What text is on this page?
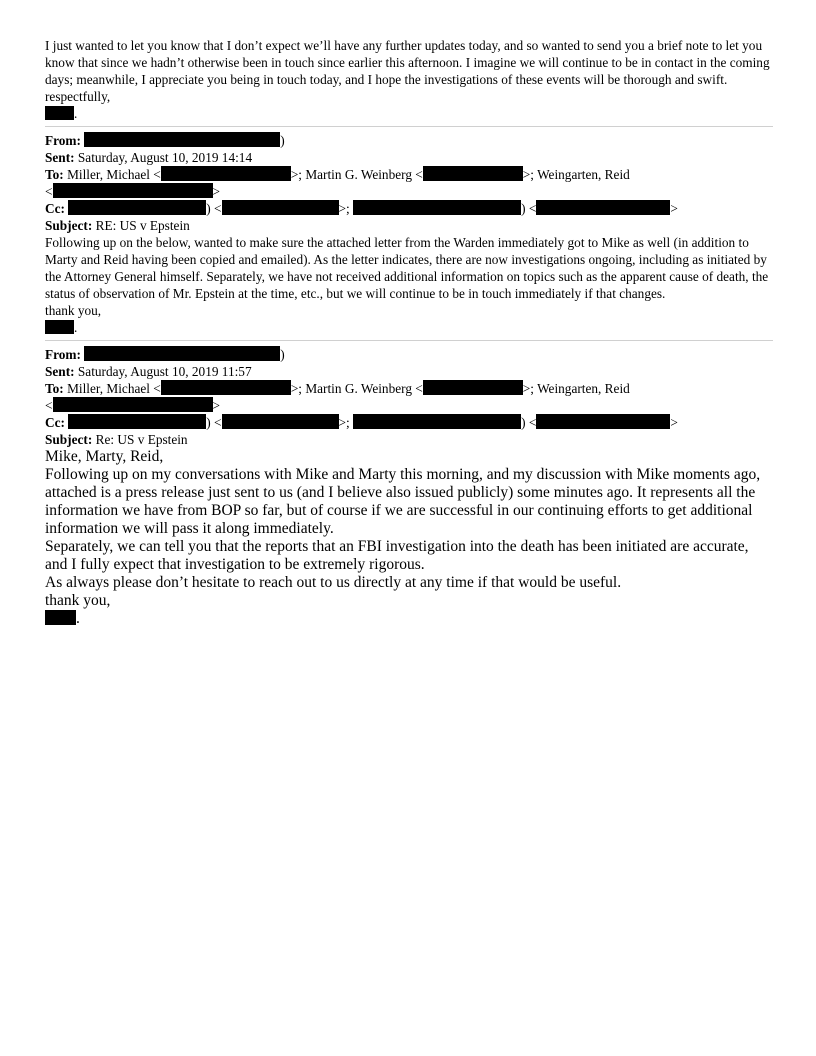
I just wanted to let you know that I don’t expect we’ll have any further updates today, and so wanted to send you a brief note to let you know that since we hadn’t otherwise been in touch since earlier this afternoon. I imagine we will continue to be in contact in the coming days; meanwhile, I appreciate you being in touch today, and I hope the investigations of these events will be thorough and swift.

respectfully,

.

From:	)

Sent: Saturday, August 10, 2019 14:14

To: Miller, Michael <	>; Martin G. Weinberg <	>; Weingarten, Reid

<	>

Cc:	) <	>;	) <	>

Subject: RE: US v Epstein

Following up on the below, wanted to make sure the attached letter from the Warden immediately got to Mike as well (in addition to Marty and Reid having been copied and emailed). As the letter indicates, there are now investigations ongoing, including as initiated by the Attorney General himself. Separately, we have not received additional information on topics such as the apparent cause of death, the status of observation of Mr. Epstein at the time, etc., but we will continue to be in touch immediately if that changes.

thank you,

.

From:	)

Sent: Saturday, August 10, 2019 11:57

To: Miller, Michael <	>; Martin G. Weinberg <	>; Weingarten, Reid

<	>

Cc:	) <	>;	) <	>

Subject: Re: US v Epstein

Mike, Marty, Reid,

Following up on my conversations with Mike and Marty this morning, and my discussion with Mike moments ago, attached is a press release just sent to us (and I believe also issued publicly) some minutes ago. It represents all the information we have from BOP so far, but of course if we are successful in our continuing efforts to get additional information we will pass it along immediately.

Separately, we can tell you that the reports that an FBI investigation into the death has been initiated are accurate, and I fully expect that investigation to be extremely rigorous.

As always please don’t hesitate to reach out to us directly at any time if that would be useful.

thank you,

.
